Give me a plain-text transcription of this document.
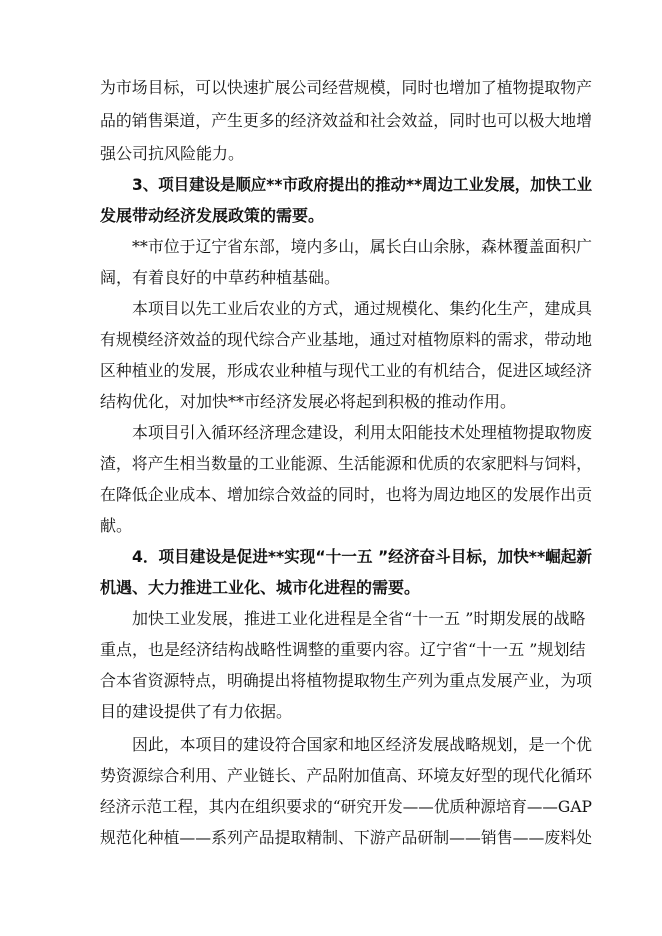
为市场目标，可以快速扩展公司经营规模，同时也增加了植物提取物产
品的销售渠道，产生更多的经济效益和社会效益，同时也可以极大地增
强公司抗风险能力。
3、项目建设是顺应**市政府提出的推动**周边工业发展，加快工业
发展带动经济发展政策的需要。
**市位于辽宁省东部，境内多山，属长白山余脉，森林覆盖面积广
阔，有着良好的中草药种植基础。
本项目以先工业后农业的方式，通过规模化、集约化生产，建成具
有规模经济效益的现代综合产业基地，通过对植物原料的需求，带动地
区种植业的发展，形成农业种植与现代工业的有机结合，促进区域经济
结构优化，对加快**市经济发展必将起到积极的推动作用。
本项目引入循环经济理念建设，利用太阳能技术处理植物提取物废
渣，将产生相当数量的工业能源、生活能源和优质的农家肥料与饲料，
在降低企业成本、增加综合效益的同时，也将为周边地区的发展作出贡
献。
4．项目建设是促进**实现“十一五 ”经济奋斗目标，加快**崛起新
机遇、大力推进工业化、城市化进程的需要。
加快工业发展，推进工业化进程是全省“十一五 ”时期发展的战略
重点，也是经济结构战略性调整的重要内容。辽宁省“十一五 ”规划结
合本省资源特点，明确提出将植物提取物生产列为重点发展产业，为项
目的建设提供了有力依据。
因此，本项目的建设符合国家和地区经济发展战略规划，是一个优
势资源综合利用、产业链长、产品附加值高、环境友好型的现代化循环
经济示范工程，其内在组织要求的“研究开发——优质种源培育——GAP
规范化种植——系列产品提取精制、下游产品研制——销售——废料处
